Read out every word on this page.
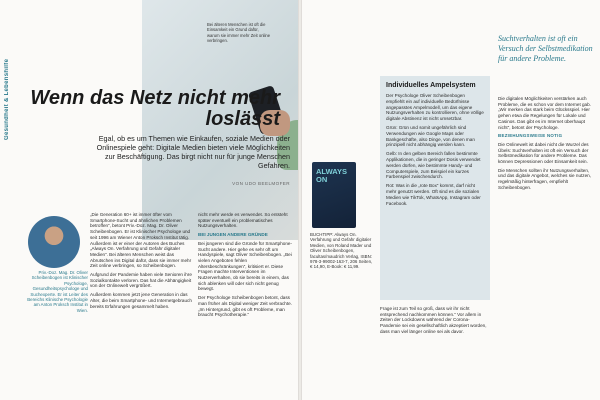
Gesundheit & Lebenshilfe
Bei älteren Menschen ist oft die Einsamkeit ein Grund dafür, warum sie immer mehr Zeit online verbringen.
Wenn das Netz nicht mehr loslässt
Egal, ob es um Themen wie Einkaufen, soziale Medien oder Onlinespiele geht: Digitale Medien bieten viele Möglichkeiten zur Beschäftigung. Das birgt nicht nur für junge Menschen Gefahren.
VON UDO BEELMOFER
Priv.-Doz. Mag. Dr. Oliver Scheibenbogen ist Klinischer Psychologe, Gesundheitspsychologe und Suchexperte. Er ist Leiter des Bereichs Klinische Psychologie am Anton Proksch Institut in Wien.

„Die Generation 60+ ist immer öfter vom Smartphone-Sucht und ähnlichen Problemen betroffen“, betont Priv.-Doz. Mag. Dr. Oliver Scheibenbogen. Er ist Klinischer Psychologe und seit 1996 am Wiener Anton Proksch Institut tätig. Außerdem ist er einer der Autoren des Buches „Always On. Verfahrung und Gefahr digitaler Medien“. Bei älteren Menschen weist das Abrutschen ins Digital dafür, dass sie immer mehr Zeit online verbringen, so Scheibenbogen.

Aufgrund der Pandemie haben viele Senioren ihre Sozialkontakte verloren. Das hat die Abhängigkeit von der Onlinewelt vergrößert.

Außerdem kommen jetzt jene Generation in das Alter, die beim Smartphone- und Internetgebrauch bereits Erfahrungen gesammelt haben.

nicht mehr werde es verwendet. So entsteht später eventuell ein problematisches Nutzungsverhalten.

BEI JUNGEN ANDERE GRÜNDE

Bei jüngeren sind die Gründe für Smartphone-Sucht andere. Hier gehe es sehr oft um Handyspiele, sagt Oliver Scheibenbogen. „Bei vielen Angeboten fehlen Altersbeschränkungen“, kritisiert er. Diese Fragen machte Interventionen im Nutzerverhalten, ob sie bereits in einem, das sich ablenken will oder sich nicht genug bewegt.

Der Psychologe Scheibenbogen betont, dass man früher als Digital weniger Zeit verbrachte. „Im Hintergrund, gibt es oft Probleme, man braucht Psychotherapie.“

Suchtverhalten ist oft ein Versuch der Selbstmedikation für andere Probleme.
ALWAYS ON
BUCHTIPP: Always On. Verfahrung und Gefahr digitaler Medien, von Roland Mader und Oliver Scheibenbogen, facultas/maudrich Verlag, ISBN: 978-3-99002-163-7, 206 Seiten, € 14,90, E-Book: € 11,99.
Individuelles Ampelsystem

Der Psychologe Oliver Scheibenbogen empfiehlt ein auf individuelle Bedürfnisse angepasstes Ampelmodell, um das eigene Nutzungsverhalten zu kontrollieren, ohne völlige digitale Abstinenz ist nicht umsetzbar.

Grün: Grün und somit ungefährlich sind Verwendungen wie Google Maps oder Bankgeschäfte, also Dinge, von denen man prinzipiell nicht abhängig werden kann.

Gelb: In den gelben Bereich fallen bestimmte Applikationen, die in geringer Dosis verwendet werden dürfen, wie bestimmte Handy- und Computerspiele, zum Beispiel ein kurzes Farbenspiel zwischendurch.

Rot: Was in die „rote Box“ kommt, darf nicht mehr genutzt werden. Oft sind es die sozialen Medien wie TikTok, WhatsApp, Instagram oder Facebook.

Frage ist zum Teil so groß, dass wir ihr nicht entsprechend nachkommen können.“ Vor allem in Zeiten der Lockdowns während der Corona-Pandemie sei ein gesellschaftlich akzeptiert worden, dass man viel länger online sei als davor.

Die digitalen Möglichkeiten verstärken auch Probleme, die es schon vor dem Internet gab. „Wir merken das stark beim Glücksspiel. Hier gehen etwa die Regelungen für Lokale und Casinos. Das gibt es im Internet überhaupt nicht“, betont der Psychologe.

BEZIEHUNGSWEISE NOTIG

Die Onlinewelt ist dabei nicht die Wurzel des Übels: Suchtverhalten ist oft ein Versuch der Selbstmedikation für andere Probleme. Das können Depressionen oder Einsamkeit sein.

Die Menschen sollten ihr Nutzungsverhalten, und das digitale Angebot, welches sie nutzen, regelmäßig hinterfragen, empfiehlt Scheibenbogen.
